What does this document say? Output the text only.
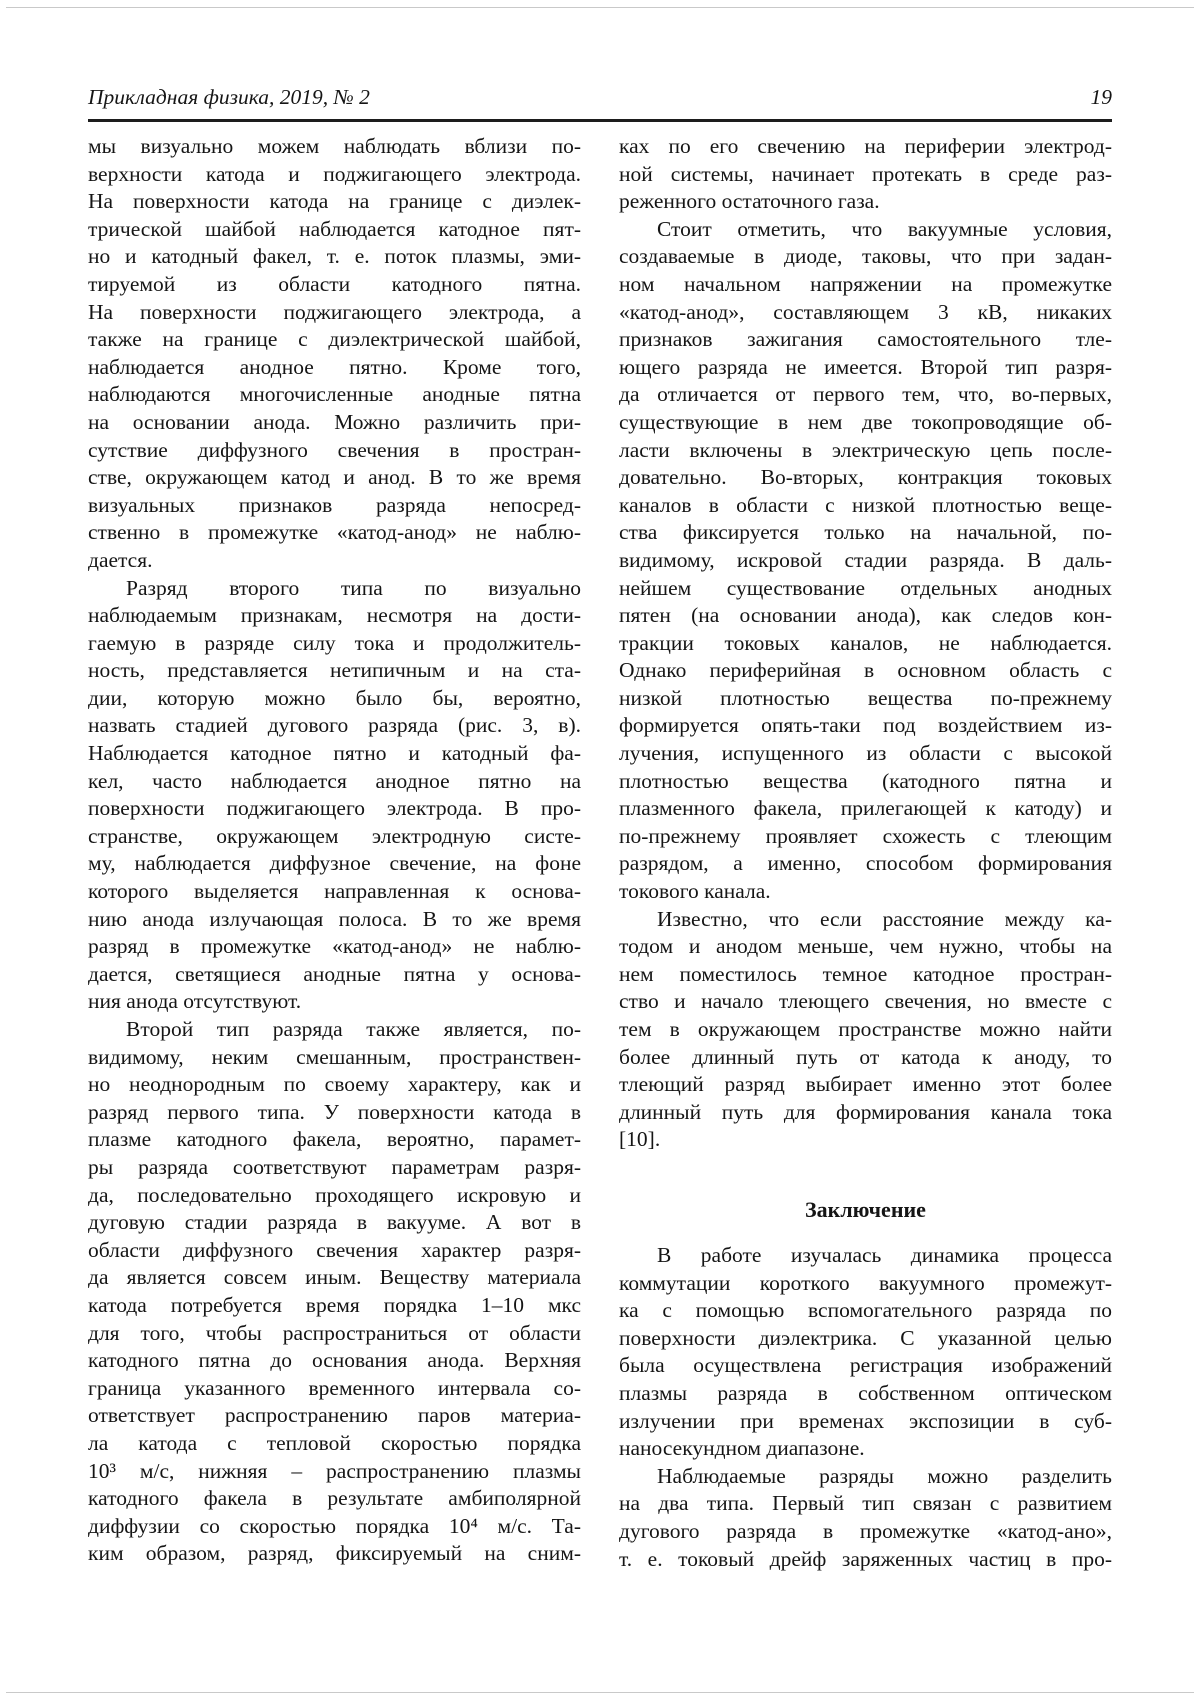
Прикладная физика, 2019, № 2	19
мы визуально можем наблюдать вблизи по-
верхности катода и поджигающего электрода.
На поверхности катода на границе с диэлек-
трической шайбой наблюдается катодное пят-
но и катодный факел, т. е. поток плазмы, эми-
тируемой из области катодного пятна.
На поверхности поджигающего электрода, а
также на границе с диэлектрической шайбой,
наблюдается анодное пятно. Кроме того,
наблюдаются многочисленные анодные пятна
на основании анода. Можно различить при-
сутствие диффузного свечения в простран-
стве, окружающем катод и анод. В то же время
визуальных признаков разряда непосред-
ственно в промежутке «катод-анод» не наблю-
дается.
Разряд второго типа по визуально
наблюдаемым признакам, несмотря на дости-
гаемую в разряде силу тока и продолжитель-
ность, представляется нетипичным и на ста-
дии, которую можно было бы, вероятно,
назвать стадией дугового разряда (рис. 3, в).
Наблюдается катодное пятно и катодный фа-
кел, часто наблюдается анодное пятно на
поверхности поджигающего электрода. В про-
странстве, окружающем электродную систе-
му, наблюдается диффузное свечение, на фоне
которого выделяется направленная к основа-
нию анода излучающая полоса. В то же время
разряд в промежутке «катод-анод» не наблю-
дается, светящиеся анодные пятна у основа-
ния анода отсутствуют.
Второй тип разряда также является, по-
видимому, неким смешанным, пространствен-
но неоднородным по своему характеру, как и
разряд первого типа. У поверхности катода в
плазме катодного факела, вероятно, парамет-
ры разряда соответствуют параметрам разря-
да, последовательно проходящего искровую и
дуговую стадии разряда в вакууме. А вот в
области диффузного свечения характер разря-
да является совсем иным. Веществу материала
катода потребуется время порядка 1–10 мкс
для того, чтобы распространиться от области
катодного пятна до основания анода. Верхняя
граница указанного временного интервала со-
ответствует распространению паров материа-
ла катода с тепловой скоростью порядка
10³ м/с, нижняя – распространению плазмы
катодного факела в результате амбиполярной
диффузии со скоростью порядка 10⁴ м/с. Та-
ким образом, разряд, фиксируемый на сним-
ках по его свечению на периферии электрод-
ной системы, начинает протекать в среде раз-
реженного остаточного газа.
Стоит отметить, что вакуумные условия,
создаваемые в диоде, таковы, что при задан-
ном начальном напряжении на промежутке
«катод-анод», составляющем 3 кВ, никаких
признаков зажигания самостоятельного тле-
ющего разряда не имеется. Второй тип разря-
да отличается от первого тем, что, во-первых,
существующие в нем две токопроводящие об-
ласти включены в электрическую цепь после-
довательно. Во-вторых, контракция токовых
каналов в области с низкой плотностью веще-
ства фиксируется только на начальной, по-
видимому, искровой стадии разряда. В даль-
нейшем существование отдельных анодных
пятен (на основании анода), как следов кон-
тракции токовых каналов, не наблюдается.
Однако периферийная в основном область с
низкой плотностью вещества по-прежнему
формируется опять-таки под воздействием из-
лучения, испущенного из области с высокой
плотностью вещества (катодного пятна и
плазменного факела, прилегающей к катоду) и
по-прежнему проявляет схожесть с тлеющим
разрядом, а именно, способом формирования
токового канала.
Известно, что если расстояние между ка-
тодом и анодом меньше, чем нужно, чтобы на
нем поместилось темное катодное простран-
ство и начало тлеющего свечения, но вместе с
тем в окружающем пространстве можно найти
более длинный путь от катода к аноду, то
тлеющий разряд выбирает именно этот более
длинный путь для формирования канала тока
[10].
Заключение
В работе изучалась динамика процесса
коммутации короткого вакуумного промежут-
ка с помощью вспомогательного разряда по
поверхности диэлектрика. С указанной целью
была осуществлена регистрация изображений
плазмы разряда в собственном оптическом
излучении при временах экспозиции в суб-
наносекундном диапазоне.
Наблюдаемые разряды можно разделить
на два типа. Первый тип связан с развитием
дугового разряда в промежутке «катод-ано»,
т. е. токовый дрейф заряженных частиц в про-
